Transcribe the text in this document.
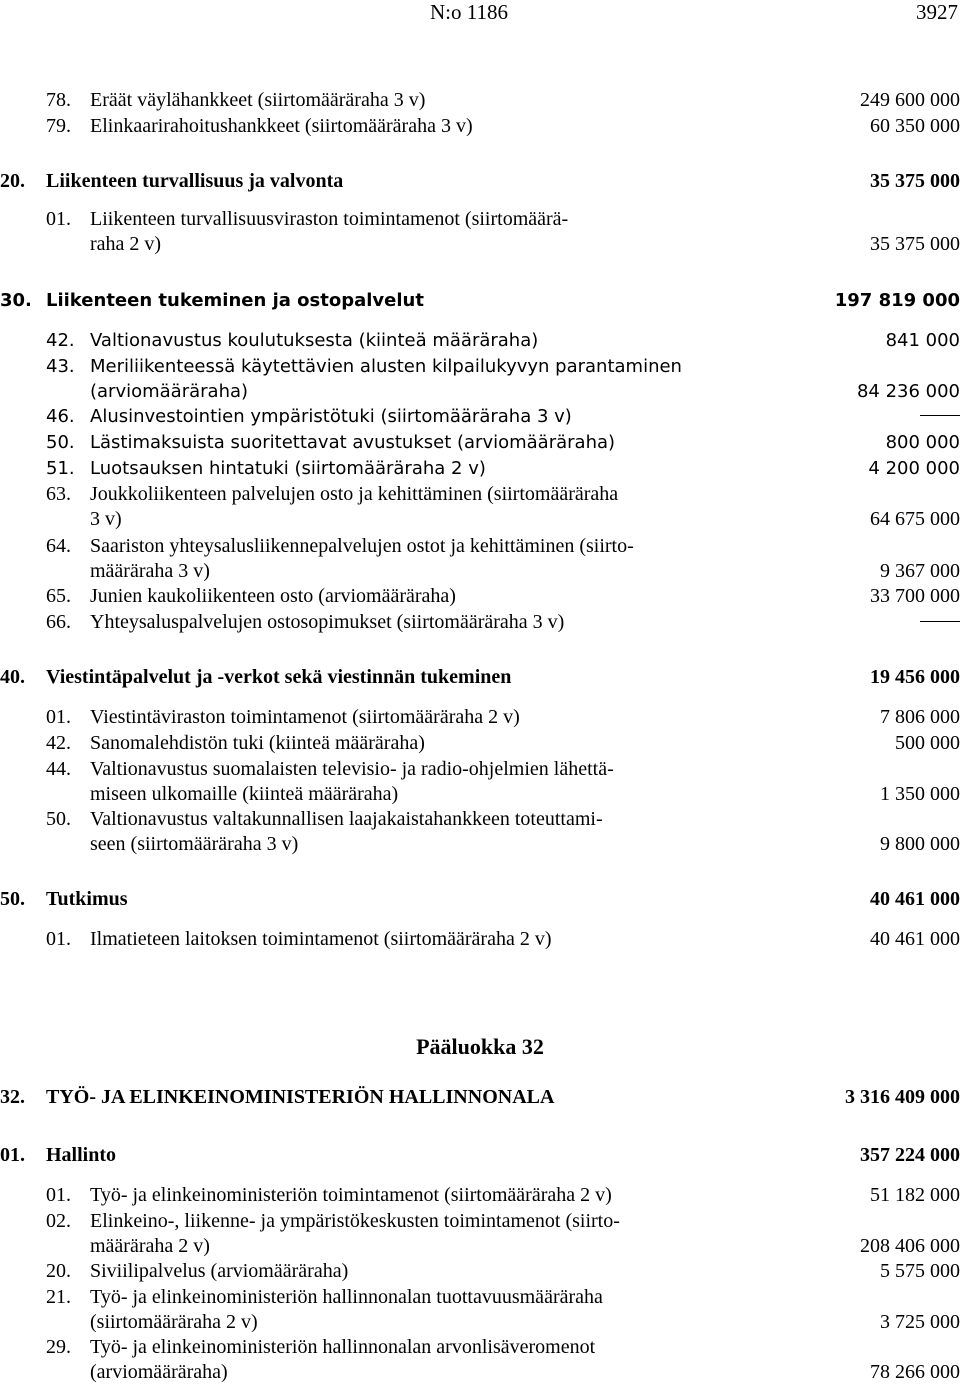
N:o 1186	3927
Pääluokka 32
78. Eräät väylähankkeet (siirtomääräraha 3 v)	249 600 000
79. Elinkaarirahoitushankkeet (siirtomääräraha 3 v)	60 350 000
20.	Liikenteen turvallisuus ja valvonta	35 375 000
01. Liikenteen turvallisuusviraston toimintamenot (siirtomäärä-
raha 2 v)	35 375 000
30. Liikenteen tukeminen ja ostopalvelut	197 819 000
42. Valtionavustus koulutuksesta (kiinteä määräraha)	841 000
43. Meriliikenteessä käytettävien alusten kilpailukyvyn parantaminen
(arviomääräraha)	84 236 000
46. Alusinvestointien ympäristötuki (siirtomääräraha 3 v)
50. Lästimaksuista suoritettavat avustukset (arviomääräraha)	800 000
51. Luotsauksen hintatuki (siirtomääräraha 2 v)	4 200 000
63. Joukkoliikenteen palvelujen osto ja kehittäminen (siirtomääräraha
3 v)	64 675 000
64. Saariston yhteysalusliikennepalvelujen ostot ja kehittäminen (siirto-
määräraha 3 v)	9 367 000
65. Junien kaukoliikenteen osto (arviomääräraha)	33 700 000
66. Yhteysaluspalvelujen ostosopimukset (siirtomääräraha 3 v)
40.	Viestintäpalvelut ja -verkot sekä viestinnän tukeminen	19 456 000
01. Viestintäviraston toimintamenot (siirtomääräraha 2 v)	7 806 000
42. Sanomalehdistön tuki (kiinteä määräraha)	500 000
44. Valtionavustus suomalaisten televisio- ja radio-ohjelmien lähettä-
miseen ulkomaille (kiinteä määräraha)	1 350 000
50. Valtionavustus valtakunnallisen laajakaistahankkeen toteuttami-
seen (siirtomääräraha 3 v)	9 800 000
50.	Tutkimus	40 461 000
01. Ilmatieteen laitoksen toimintamenot (siirtomääräraha 2 v)	40 461 000
32.	TYÖ- JA ELINKEINOMINISTERIÖN HALLINNONALA	3 316 409 000
01.	Hallinto	357 224 000
01. Työ- ja elinkeinoministeriön toimintamenot (siirtomääräraha 2 v)	51 182 000
02. Elinkeino-, liikenne- ja ympäristökeskusten toimintamenot (siirto-
määräraha 2 v)	208 406 000
20. Siviilipalvelus (arviomääräraha)	5 575 000
21. Työ- ja elinkeinoministeriön hallinnonalan tuottavuusmääräraha
(siirtomääräraha 2 v)	3 725 000
29. Työ- ja elinkeinoministeriön hallinnonalan arvonlisäveromenot
(arviomääräraha)	78 266 000
